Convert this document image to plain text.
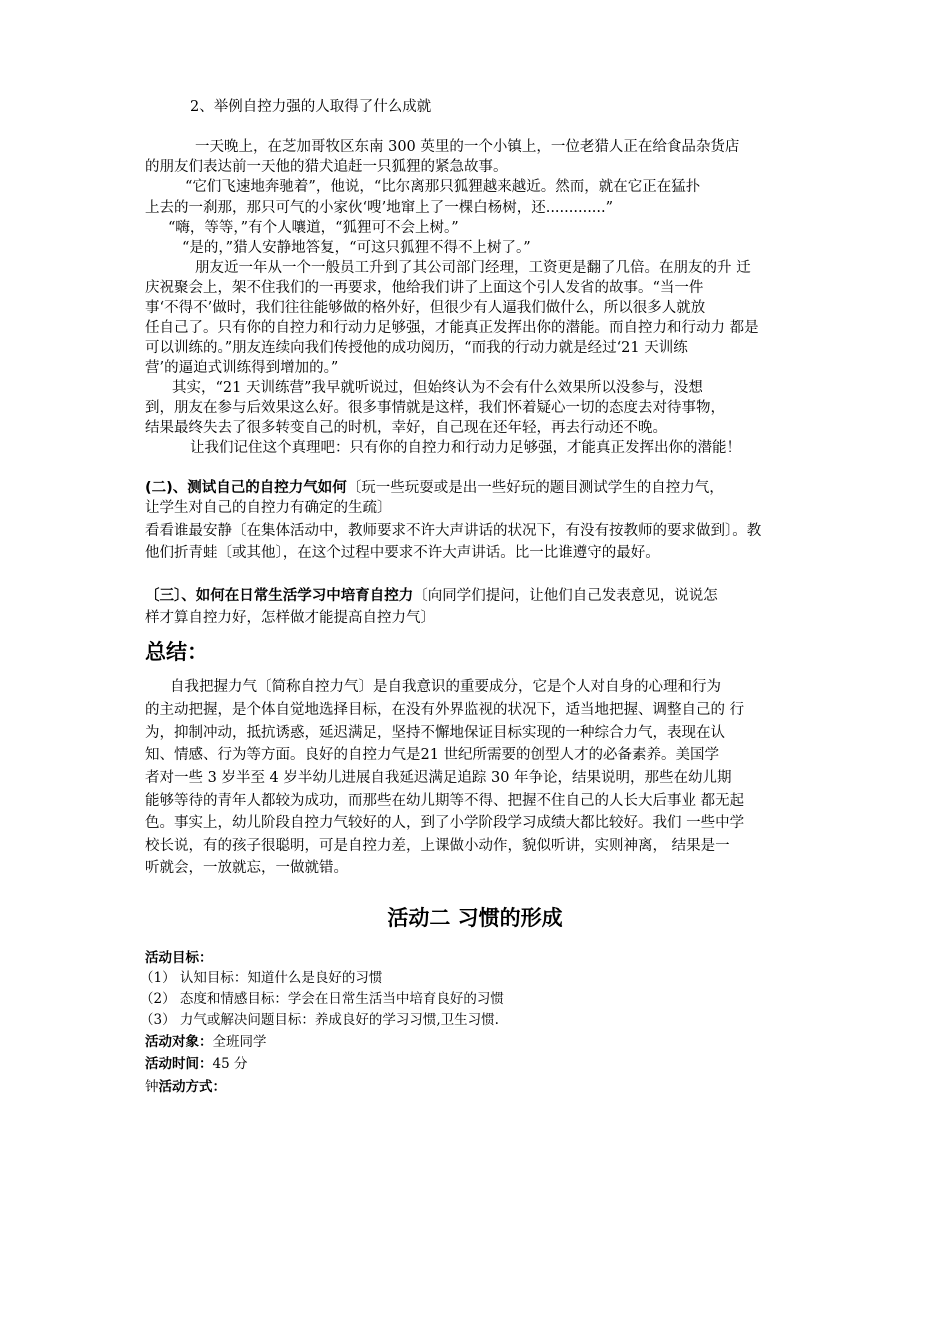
2、举例自控力强的人取得了什么成就
一天晚上，在芝加哥牧区东南 300 英里的一个小镇上，一位老猎人正在给食品杂货店
的朋友们表达前一天他的猎犬追赶一只狐狸的紧急故事。
“它们飞速地奔驰着”，他说，“比尔离那只狐狸越来越近。然而，就在它正在猛扑
上去的一刹那，那只可气的小家伙‘嗖’地窜上了一棵白杨树，还.............”
“嗨，等等，”有个人嚷道，“狐狸可不会上树。”
“是的，”猎人安静地答复，“可这只狐狸不得不上树了。”
朋友近一年从一个一般员工升到了其公司部门经理，工资更是翻了几倍。在朋友的升 迁
庆祝聚会上，架不住我们的一再要求，他给我们讲了上面这个引人发省的故事。“当一件
事‘不得不’做时，我们往往能够做的格外好，但很少有人逼我们做什么，所以很多人就放
任自己了。只有你的自控力和行动力足够强，才能真正发挥出你的潜能。而自控力和行动力 都是
可以训练的。”朋友连续向我们传授他的成功阅历，“而我的行动力就是经过‘21 天训练
营’的逼迫式训练得到增加的。”
其实，“21 天训练营”我早就听说过，但始终认为不会有什么效果所以没参与，没想
到，朋友在参与后效果这么好。很多事情就是这样，我们怀着疑心一切的态度去对待事物，
结果最终失去了很多转变自己的时机，幸好，自己现在还年轻，再去行动还不晚。
让我们记住这个真理吧：只有你的自控力和行动力足够强，才能真正发挥出你的潜能！
(二)、测试自己的自控力气如何〔玩一些玩耍或是出一些好玩的题目测试学生的自控力气，
让学生对自己的自控力有确定的生疏〕
看看谁最安静〔在集体活动中，教师要求不许大声讲话的状况下，有没有按教师的要求做到〕。教
他们折青蛙〔或其他〕，在这个过程中要求不许大声讲话。比一比谁遵守的最好。
〔三〕、如何在日常生活学习中培育自控力〔向同学们提问，让他们自己发表意见，说说怎
样才算自控力好，怎样做才能提高自控力气〕
总结：
自我把握力气〔简称自控力气〕是自我意识的重要成分，它是个人对自身的心理和行为
的主动把握，是个体自觉地选择目标，在没有外界监视的状况下，适当地把握、调整自己的 行
为，抑制冲动，抵抗诱惑，延迟满足，坚持不懈地保证目标实现的一种综合力气，表现在认
知、情感、行为等方面。良好的自控力气是21 世纪所需要的创型人才的必备素养。美国学
者对一些 3 岁半至 4 岁半幼儿进展自我延迟满足追踪 30 年争论，结果说明，那些在幼儿期
能够等待的青年人都较为成功，而那些在幼儿期等不得、把握不住自己的人长大后事业 都无起
色。事实上，幼儿阶段自控力气较好的人，到了小学阶段学习成绩大都比较好。我们 一些中学
校长说，有的孩子很聪明，可是自控力差，上课做小动作，貌似听讲，实则神离， 结果是一
听就会，一放就忘，一做就错。
活动二 习惯的形成
活动目标：
（1） 认知目标：知道什么是良好的习惯
（2） 态度和情感目标：学会在日常生活当中培育良好的习惯
（3） 力气或解决问题目标：养成良好的学习习惯,卫生习惯.
活动对象：全班同学
活动时间：45 分
钟活动方式：
